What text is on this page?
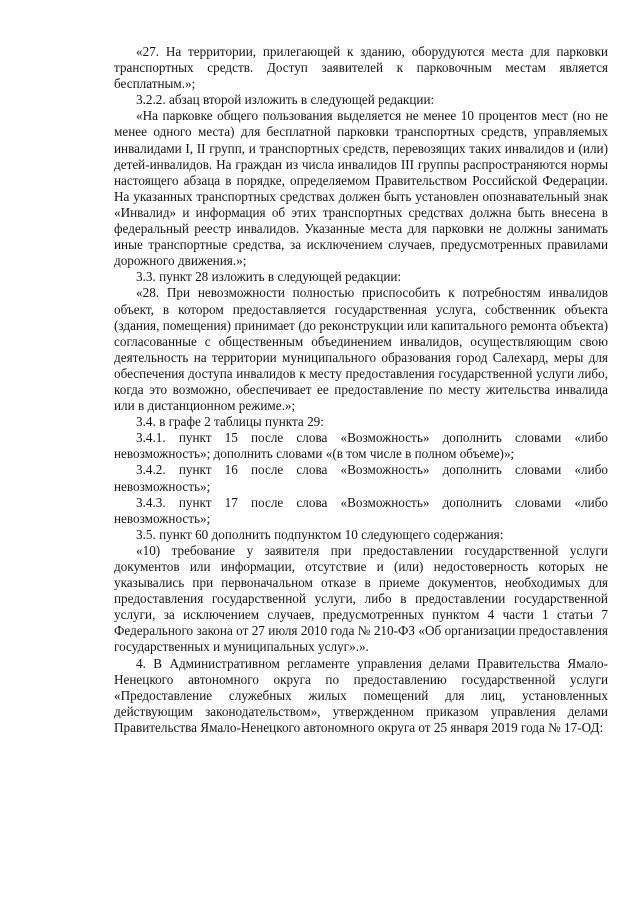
«27. На территории, прилегающей к зданию, оборудуются места для парковки транспортных средств. Доступ заявителей к парковочным местам является бесплатным.»;

3.2.2. абзац второй изложить в следующей редакции:

«На парковке общего пользования выделяется не менее 10 процентов мест (но не менее одного места) для бесплатной парковки транспортных средств, управляемых инвалидами I, II групп, и транспортных средств, перевозящих таких инвалидов и (или) детей-инвалидов. На граждан из числа инвалидов III группы распространяются нормы настоящего абзаца в порядке, определяемом Правительством Российской Федерации. На указанных транспортных средствах должен быть установлен опознавательный знак «Инвалид» и информация об этих транспортных средствах должна быть внесена в федеральный реестр инвалидов. Указанные места для парковки не должны занимать иные транспортные средства, за исключением случаев, предусмотренных правилами дорожного движения.»;

3.3. пункт 28 изложить в следующей редакции:

«28. При невозможности полностью приспособить к потребностям инвалидов объект, в котором предоставляется государственная услуга, собственник объекта (здания, помещения) принимает (до реконструкции или капитального ремонта объекта) согласованные с общественным объединением инвалидов, осуществляющим свою деятельность на территории муниципального образования город Салехард, меры для обеспечения доступа инвалидов к месту предоставления государственной услуги либо, когда это возможно, обеспечивает ее предоставление по месту жительства инвалида или в дистанционном режиме.»;

3.4. в графе 2 таблицы пункта 29:

3.4.1. пункт 15 после слова «Возможность» дополнить словами «либо невозможность»; дополнить словами «(в том числе в полном объеме)»;

3.4.2. пункт 16 после слова «Возможность» дополнить словами «либо невозможность»;

3.4.3. пункт 17 после слова «Возможность» дополнить словами «либо невозможность»;

3.5. пункт 60 дополнить подпунктом 10 следующего содержания:

«10) требование у заявителя при предоставлении государственной услуги документов или информации, отсутствие и (или) недостоверность которых не указывались при первоначальном отказе в приеме документов, необходимых для предоставления государственной услуги, либо в предоставлении государственной услуги, за исключением случаев, предусмотренных пунктом 4 части 1 статьи 7 Федерального закона от 27 июля 2010 года № 210-ФЗ «Об организации предоставления государственных и муниципальных услуг».».

4. В Административном регламенте управления делами Правительства Ямало-Ненецкого автономного округа по предоставлению государственной услуги «Предоставление служебных жилых помещений для лиц, установленных действующим законодательством», утвержденном приказом управления делами Правительства Ямало-Ненецкого автономного округа от 25 января 2019 года № 17-ОД:
